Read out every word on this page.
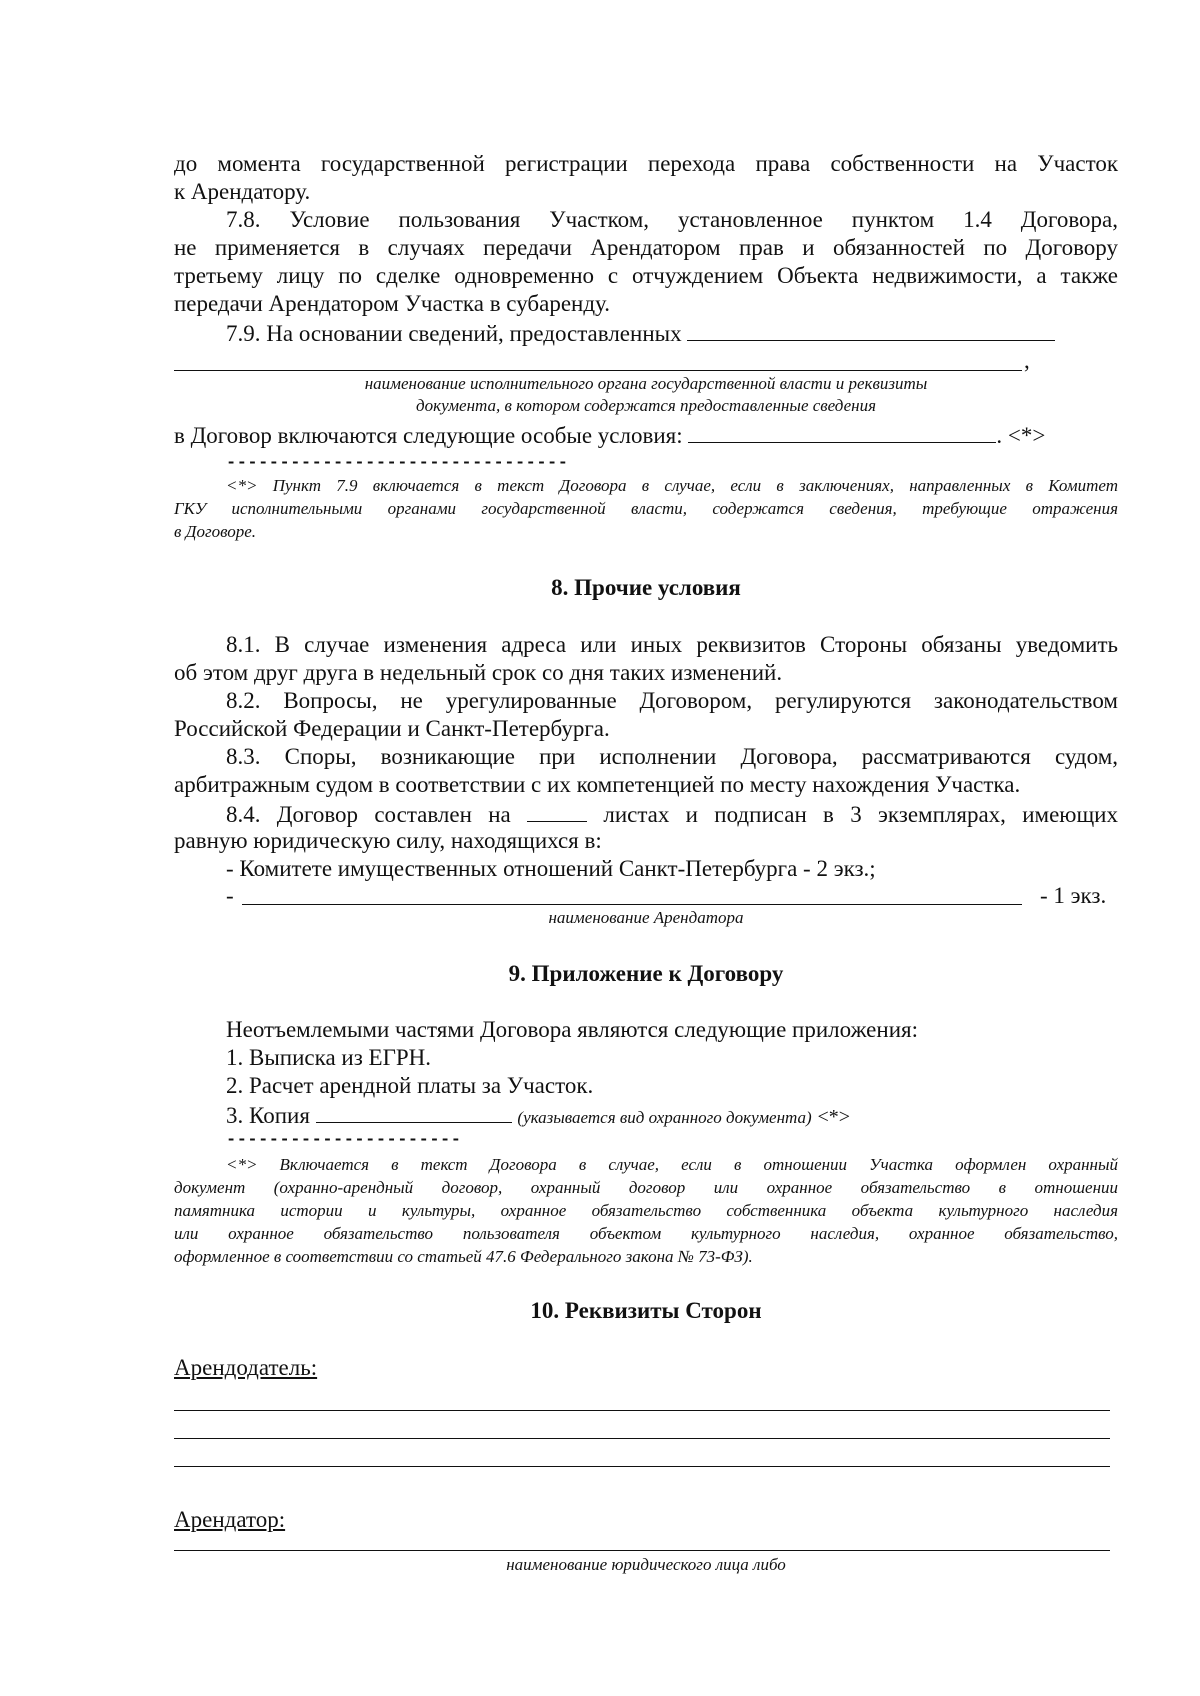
до момента государственной регистрации перехода права собственности на Участок
к Арендатору.
7.8. Условие пользования Участком, установленное пунктом 1.4 Договора,
не применяется в случаях передачи Арендатором прав и обязанностей по Договору
третьему лицу по сделке одновременно с отчуждением Объекта недвижимости, а также
передачи Арендатором Участка в субаренду.
7.9. На основании сведений, предоставленных
,
наименование исполнительного органа государственной власти и реквизиты
документа, в котором содержатся предоставленные сведения
в Договор включаются следующие особые условия:	. <*>
--------------------------------
<*> Пункт 7.9 включается в текст Договора в случае, если в заключениях, направленных в Комитет
ГКУ исполнительными органами государственной власти, содержатся сведения, требующие отражения
в Договоре.
8. Прочие условия
8.1. В случае изменения адреса или иных реквизитов Стороны обязаны уведомить
об этом друг друга в недельный срок со дня таких изменений.
8.2. Вопросы, не урегулированные Договором, регулируются законодательством
Российской Федерации и Санкт-Петербурга.
8.3. Споры, возникающие при исполнении Договора, рассматриваются судом,
арбитражным судом в соответствии с их компетенцией по месту нахождения Участка.
8.4. Договор составлен на	листах и подписан в 3 экземплярах, имеющих
равную юридическую силу, находящихся в:
- Комитете имущественных отношений Санкт-Петербурга - 2 экз.;
-	- 1 экз.
наименование Арендатора
9. Приложение к Договору
Неотъемлемыми частями Договора являются следующие приложения:
1. Выписка из ЕГРН.
2. Расчет арендной платы за Участок.
3. Копия	(указывается вид охранного документа) <*>
----------------------
<*> Включается в текст Договора в случае, если в отношении Участка оформлен охранный
документ (охранно-арендный договор, охранный договор или охранное обязательство в отношении
памятника истории и культуры, охранное обязательство собственника объекта культурного наследия
или охранное обязательство пользователя объектом культурного наследия, охранное обязательство,
оформленное в соответствии со статьей 47.6 Федерального закона № 73-ФЗ).
10. Реквизиты Сторон
Арендодатель:
Арендатор:
наименование юридического лица либо
